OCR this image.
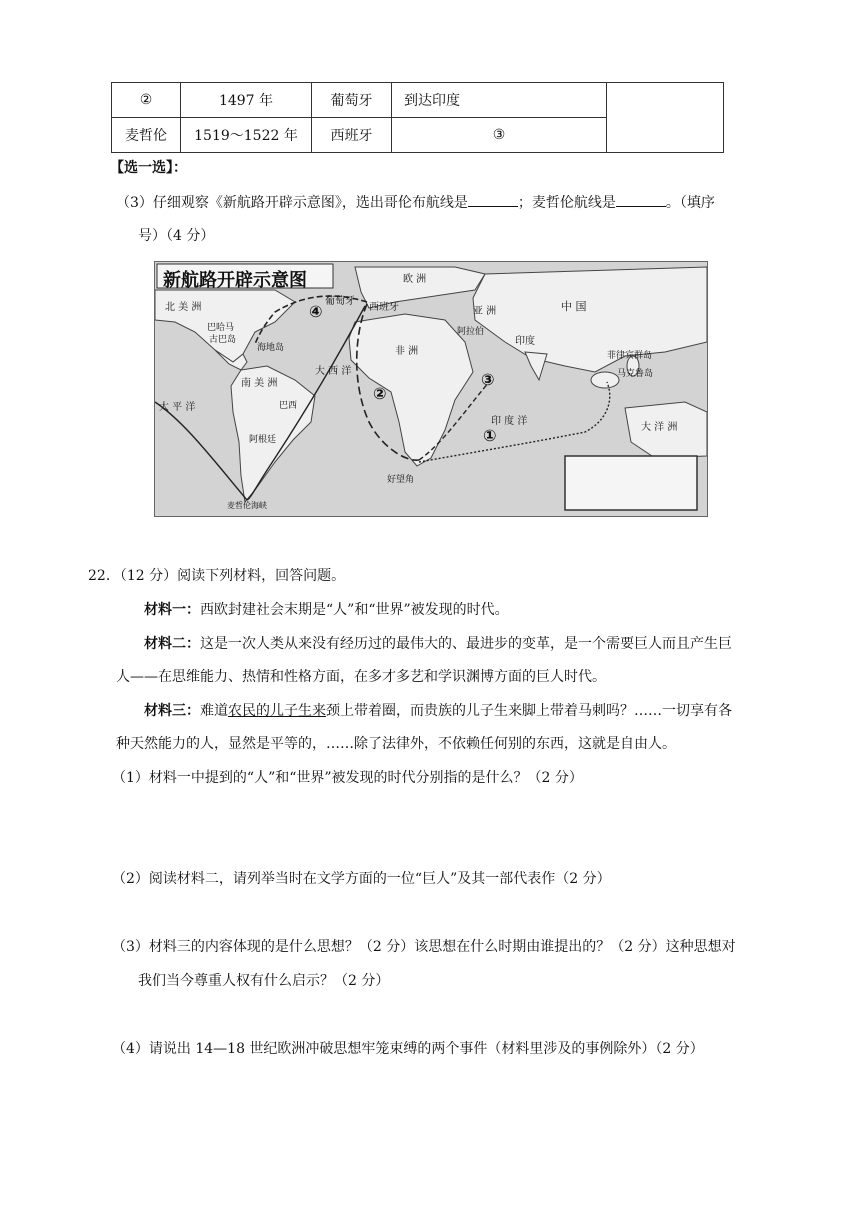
②	1497 年	葡萄牙	到达印度	
麦哲伦	1519～1522 年	西班牙	③	
【选一选】：
（3）仔细观察《新航路开辟示意图》，选出哥伦布航线是	；麦哲伦航线是	。（填序
号）（4 分）
新航路开辟示意图
北 美 洲
巴哈马
古巴岛
海地岛
欧 洲
葡萄牙
西班牙	亚 洲	中 国
阿拉伯
印度
非 洲
南 美 洲
巴西
阿根廷
菲律宾群岛
马克鲁岛
好望角
麦哲伦海峡
太 平 洋
大 西 洋
印 度 洋
大 洋 洲
①
②
③
④
22．（12 分）阅读下列材料，回答问题。
材料一：西欧封建社会末期是“人”和“世界”被发现的时代。
材料二：这是一次人类从来没有经历过的最伟大的、最进步的变革，是一个需要巨人而且产生巨
人——在思维能力、热情和性格方面，在多才多艺和学识渊博方面的巨人时代。
材料三：难道农民的儿子生来颈上带着圈，而贵族的儿子生来脚上带着马刺吗？……一切享有各
种天然能力的人，显然是平等的，……除了法律外，不依赖任何别的东西，这就是自由人。
（1）材料一中提到的“人”和“世界”被发现的时代分别指的是什么？（2 分）
（2）阅读材料二，请列举当时在文学方面的一位“巨人”及其一部代表作（2 分）
（3）材料三的内容体现的是什么思想？（2 分）该思想在什么时期由谁提出的？（2 分）这种思想对
我们当今尊重人权有什么启示？（2 分）
（4）请说出 14—18 世纪欧洲冲破思想牢笼束缚的两个事件（材料里涉及的事例除外）（2 分）
